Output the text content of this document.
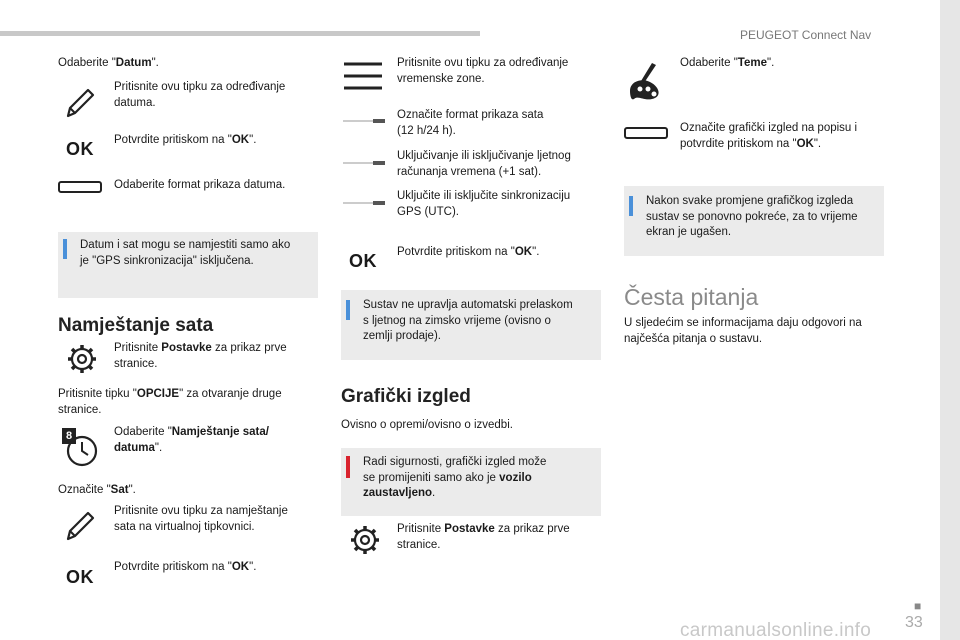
PEUGEOT Connect Nav
Odaberite "Datum".
Pritisnite ovu tipku za određivanje
datuma.
OK Potvrdite pritiskom na "OK".
Odaberite format prikaza datuma.
Datum i sat mogu se namjestiti samo ako
je "GPS sinkronizacija" isključena.
Namještanje sata
Pritisnite Postavke za prikaz prve
stranice.
Pritisnite tipku "OPCIJE" za otvaranje druge
stranice.
8	Odaberite "Namještanje sata/
datuma".
Označite "Sat".
Pritisnite ovu tipku za namještanje
sata na virtualnoj tipkovnici.
OK Potvrdite pritiskom na "OK".
Pritisnite ovu tipku za određivanje
vremenske zone.
Označite format prikaza sata
(12 h/24 h).
Uključivanje ili isključivanje ljetnog
računanja vremena (+1 sat).
Uključite ili isključite sinkronizaciju
GPS (UTC).
OK Potvrdite pritiskom na "OK".
Sustav ne upravlja automatski prelaskom
s ljetnog na zimsko vrijeme (ovisno o
zemlji prodaje).
Grafički izgled
Ovisno o opremi/ovisno o izvedbi.
Radi sigurnosti, grafički izgled može
se promijeniti samo ako je vozilo
zaustavljeno.
Pritisnite Postavke za prikaz prve
stranice.
Odaberite "Teme".
Označite grafički izgled na popisu i
potvrdite pritiskom na "OK".
Nakon svake promjene grafičkog izgleda
sustav se ponovno pokreće, za to vrijeme
ekran je ugašen.
Česta pitanja
U sljedećim se informacijama daju odgovori na
najčešća pitanja o sustavu.
■
33
carmanualsonline.info
